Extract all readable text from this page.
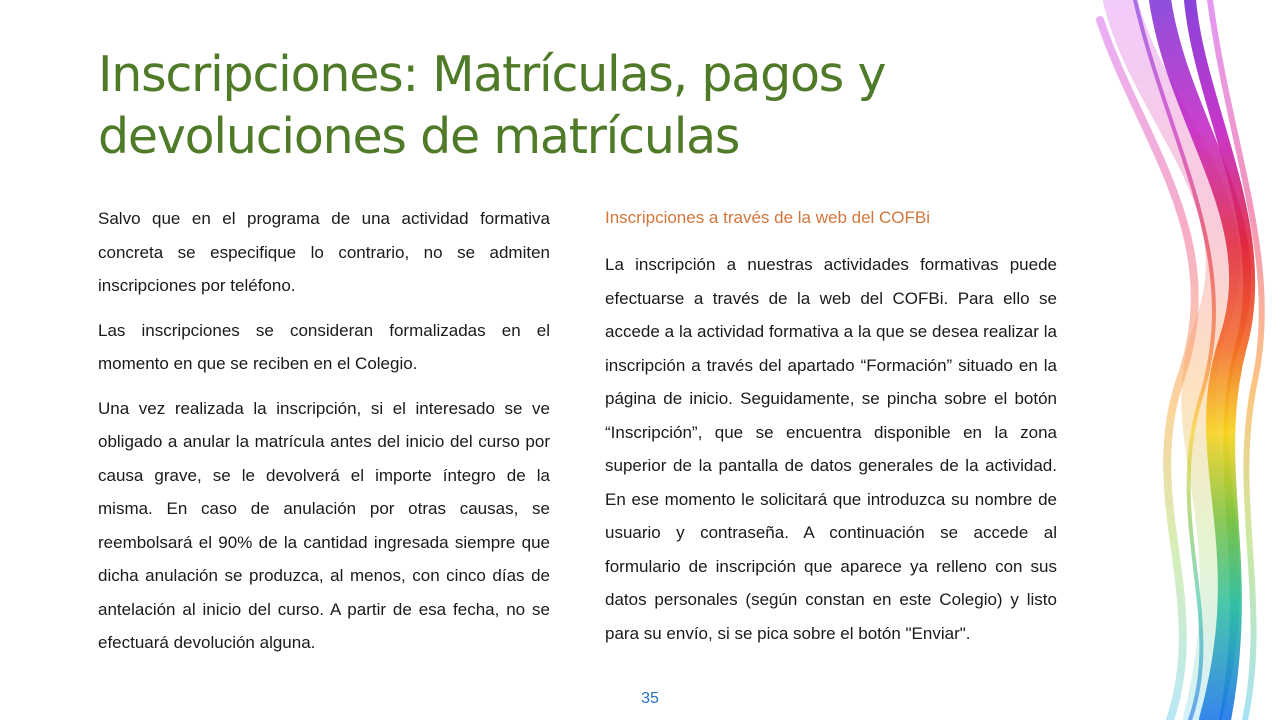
Inscripciones: Matrículas, pagos y
devoluciones de matrículas

Salvo que en el programa de una actividad formativa concreta se especifique lo contrario, no se admiten inscripciones por teléfono.

Las inscripciones se consideran formalizadas en el momento en que se reciben en el Colegio.

Una vez realizada la inscripción, si el interesado se ve obligado a anular la matrícula antes del inicio del curso por causa grave, se le devolverá el importe íntegro de la misma. En caso de anulación por otras causas, se reembolsará el 90% de la cantidad ingresada siempre que dicha anulación se produzca, al menos, con cinco días de antelación al inicio del curso. A partir de esa fecha, no se efectuará devolución alguna.

Inscripciones a través de la web del COFBi

La inscripción a nuestras actividades formativas puede efectuarse a través de la web del COFBi. Para ello se accede a la actividad formativa a la que se desea realizar la inscripción a través del apartado “Formación” situado en la página de inicio. Seguidamente, se pincha sobre el botón “Inscripción”, que se encuentra disponible en la zona superior de la pantalla de datos generales de la actividad. En ese momento le solicitará que introduzca su nombre de usuario y contraseña. A continuación se accede al formulario de inscripción que aparece ya relleno con sus datos personales (según constan en este Colegio) y listo para su envío, si se pica sobre el botón "Enviar".

35
